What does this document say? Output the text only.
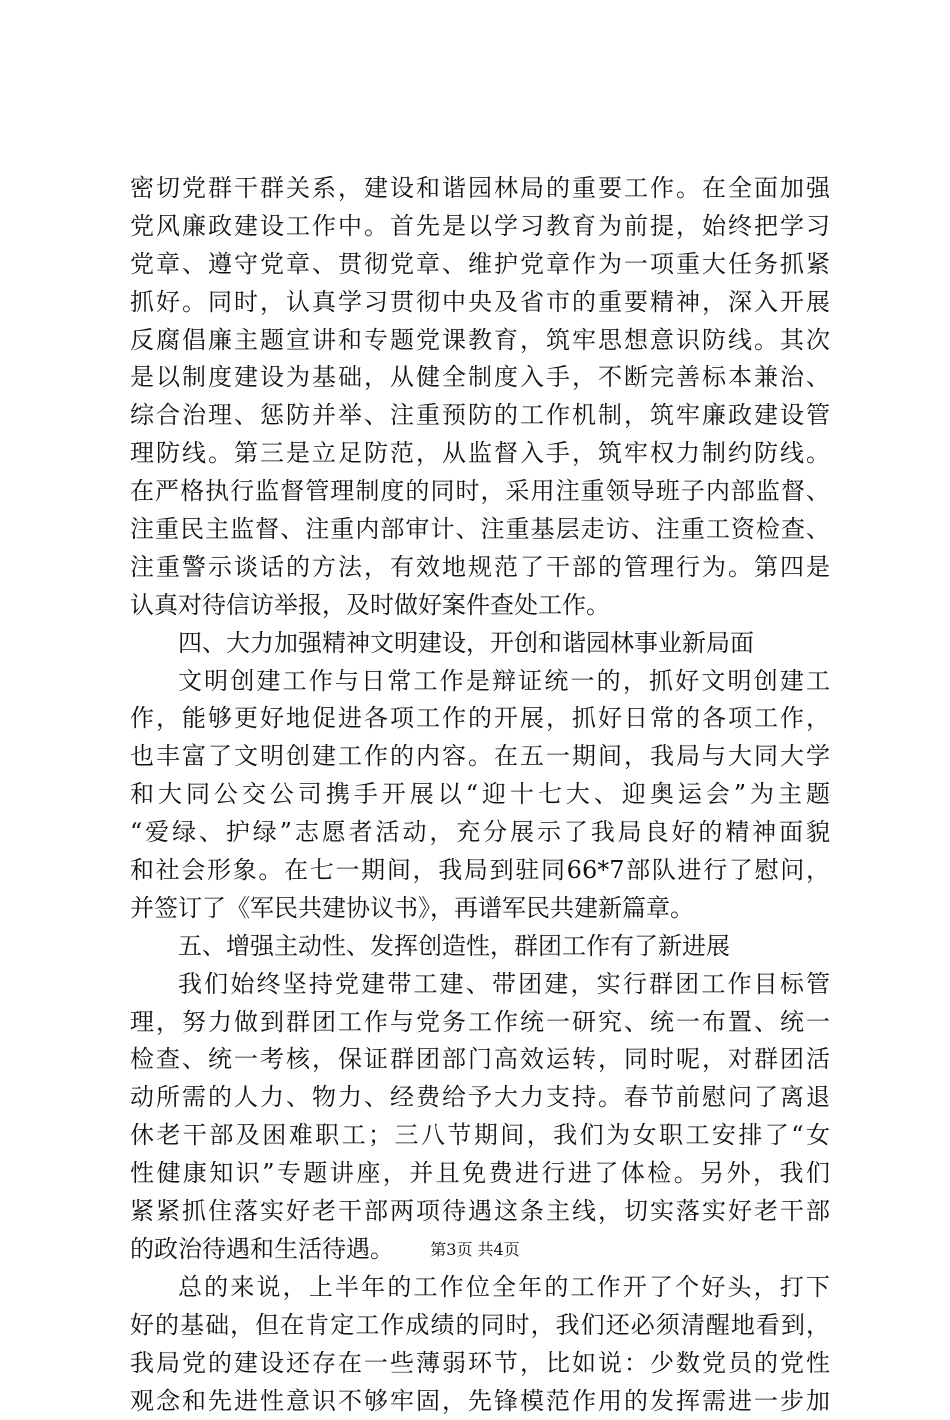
密切党群干群关系，建设和谐园林局的重要工作。在全面加强
党风廉政建设工作中。首先是以学习教育为前提，始终把学习
党章、遵守党章、贯彻党章、维护党章作为一项重大任务抓紧
抓好。同时，认真学习贯彻中央及省市的重要精神，深入开展
反腐倡廉主题宣讲和专题党课教育，筑牢思想意识防线。其次
是以制度建设为基础，从健全制度入手，不断完善标本兼治、
综合治理、惩防并举、注重预防的工作机制，筑牢廉政建设管
理防线。第三是立足防范，从监督入手，筑牢权力制约防线。
在严格执行监督管理制度的同时，采用注重领导班子内部监督、
注重民主监督、注重内部审计、注重基层走访、注重工资检查、
注重警示谈话的方法，有效地规范了干部的管理行为。第四是
认真对待信访举报，及时做好案件查处工作。
四、大力加强精神文明建设，开创和谐园林事业新局面
文明创建工作与日常工作是辩证统一的，抓好文明创建工
作，能够更好地促进各项工作的开展，抓好日常的各项工作，
也丰富了文明创建工作的内容。在五一期间，我局与大同大学
和大同公交公司携手开展以“迎十七大、迎奥运会”为主题
“爱绿、护绿”志愿者活动，充分展示了我局良好的精神面貌
和社会形象。在七一期间，我局到驻同66*7部队进行了慰问，
并签订了《军民共建协议书》，再谱军民共建新篇章。
五、增强主动性、发挥创造性，群团工作有了新进展
我们始终坚持党建带工建、带团建，实行群团工作目标管
理，努力做到群团工作与党务工作统一研究、统一布置、统一
检查、统一考核，保证群团部门高效运转，同时呢，对群团活
动所需的人力、物力、经费给予大力支持。春节前慰问了离退
休老干部及困难职工；三八节期间，我们为女职工安排了“女
性健康知识”专题讲座，并且免费进行进了体检。另外，我们
紧紧抓住落实好老干部两项待遇这条主线，切实落实好老干部
的政治待遇和生活待遇。
总的来说，上半年的工作位全年的工作开了个好头，打下
好的基础，但在肯定工作成绩的同时，我们还必须清醒地看到，
我局党的建设还存在一些薄弱环节，比如说：少数党员的党性
观念和先进性意识不够牢固，先锋模范作用的发挥需进一步加
第3页 共4页
